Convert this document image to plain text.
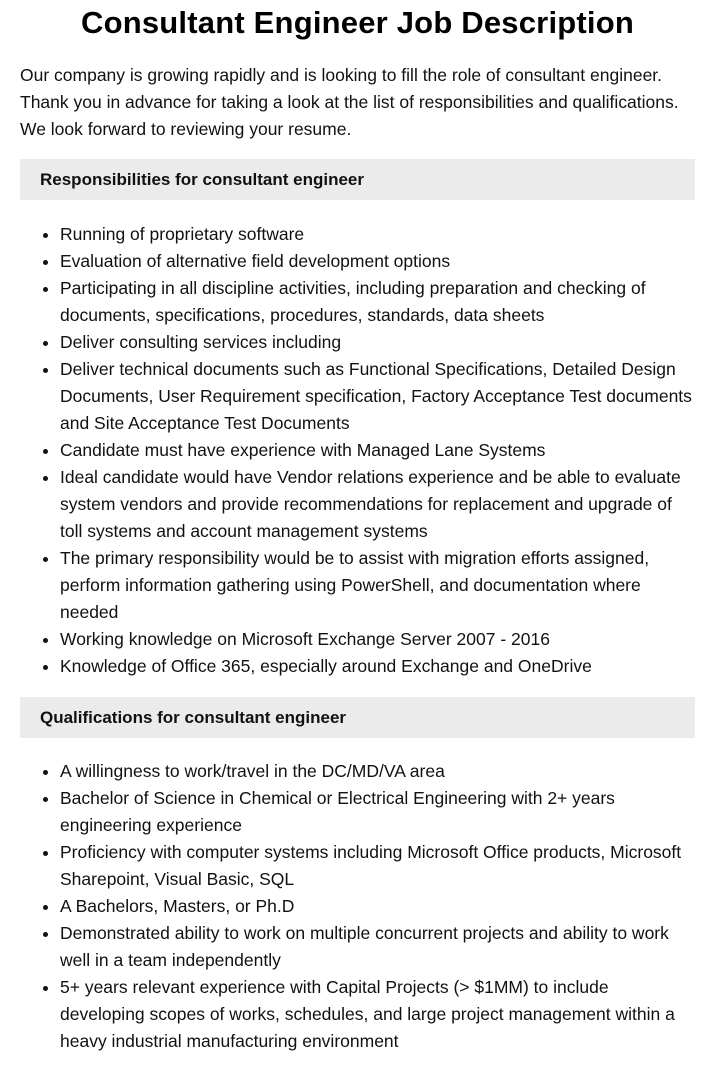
Consultant Engineer Job Description

Our company is growing rapidly and is looking to fill the role of consultant engineer. Thank you in advance for taking a look at the list of responsibilities and qualifications. We look forward to reviewing your resume.

Responsibilities for consultant engineer
• Running of proprietary software
• Evaluation of alternative field development options
• Participating in all discipline activities, including preparation and checking of documents, specifications, procedures, standards, data sheets
• Deliver consulting services including
• Deliver technical documents such as Functional Specifications, Detailed Design Documents, User Requirement specification, Factory Acceptance Test documents and Site Acceptance Test Documents
• Candidate must have experience with Managed Lane Systems
• Ideal candidate would have Vendor relations experience and be able to evaluate system vendors and provide recommendations for replacement and upgrade of toll systems and account management systems
• The primary responsibility would be to assist with migration efforts assigned, perform information gathering using PowerShell, and documentation where needed
• Working knowledge on Microsoft Exchange Server 2007 - 2016
• Knowledge of Office 365, especially around Exchange and OneDrive
Qualifications for consultant engineer
• A willingness to work/travel in the DC/MD/VA area
• Bachelor of Science in Chemical or Electrical Engineering with 2+ years engineering experience
• Proficiency with computer systems including Microsoft Office products, Microsoft Sharepoint, Visual Basic, SQL
• A Bachelors, Masters, or Ph.D
• Demonstrated ability to work on multiple concurrent projects and ability to work well in a team independently
• 5+ years relevant experience with Capital Projects (> $1MM) to include developing scopes of works, schedules, and large project management within a heavy industrial manufacturing environment
